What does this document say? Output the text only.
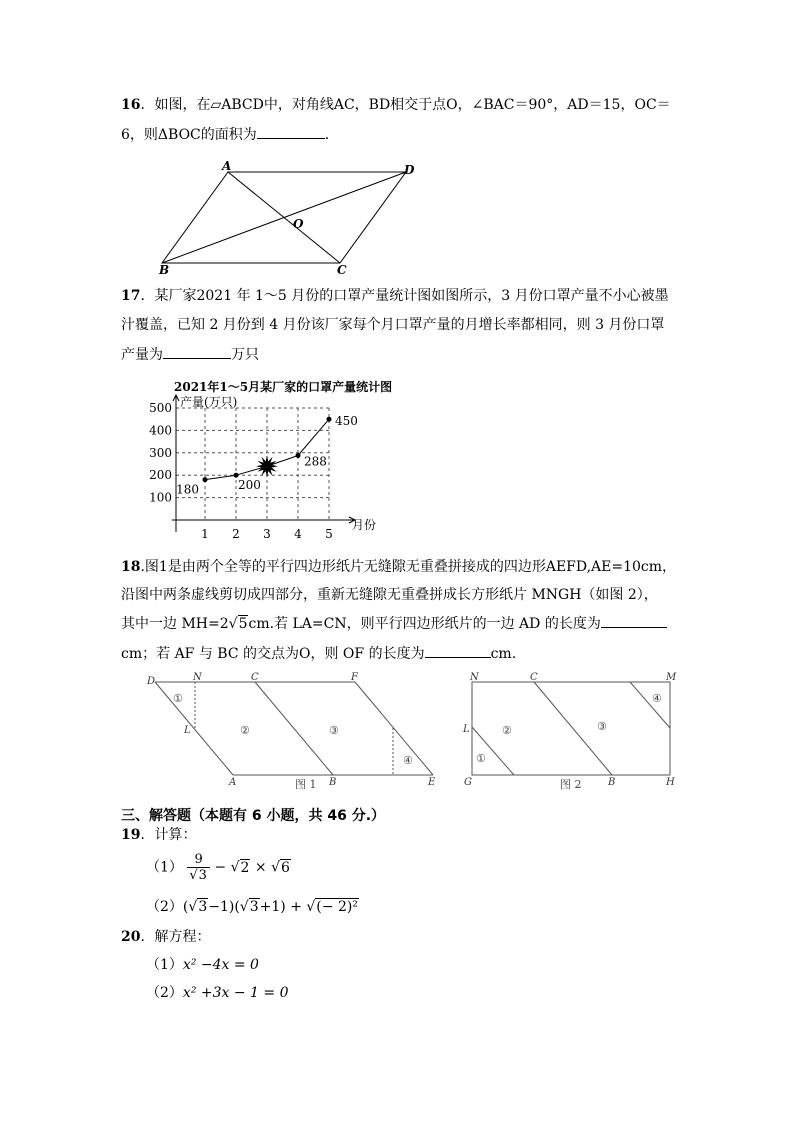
16．如图，在▱ABCD中，对角线AC，BD相交于点O，∠BAC＝90°，AD＝15，OC＝
6，则ΔBOC的面积为	．
A	D
O
B	C
17．某厂家2021 年 1～5 月份的口罩产量统计图如图所示，3 月份口罩产量不小心被墨
汁覆盖，已知 2 月份到 4 月份该厂家每个月口罩产量的月增长率都相同，则 3 月份口罩
产量为	万只
2021年1～5月某厂家的口罩产量统计图
产量(万只)
月份
100
200
300
400
500
1 2 3 4 5
180	200
288
450
18.图1是由两个全等的平行四边形纸片无缝隙无重叠拼接成的四边形AEFD,AE=10cm，
沿图中两条虚线剪切成四部分，重新无缝隙无重叠拼成长方形纸片 MNGH（如图 2），
其中一边 MH=2√5cm.若 LA=CN，则平行四边形纸片的一边 AD 的长度为
cm；若 AF 与 BC 的交点为O，则 OF 的长度为	cm.
D	N	C	F
L
A	B	E
①
②	③
④
图 1
N	C	M
L
G	B	H
①
②	③
④
图 2
三、解答题（本题有 6 小题，共 46 分.）
19．计算：
$(1) \frac{9}{√3} - √2 \times √6$
（2）(√3−1)(√3+1) + √(− 2)²
20．解方程：
（1）x² −4x = 0
（2）x² +3x − 1 = 0
